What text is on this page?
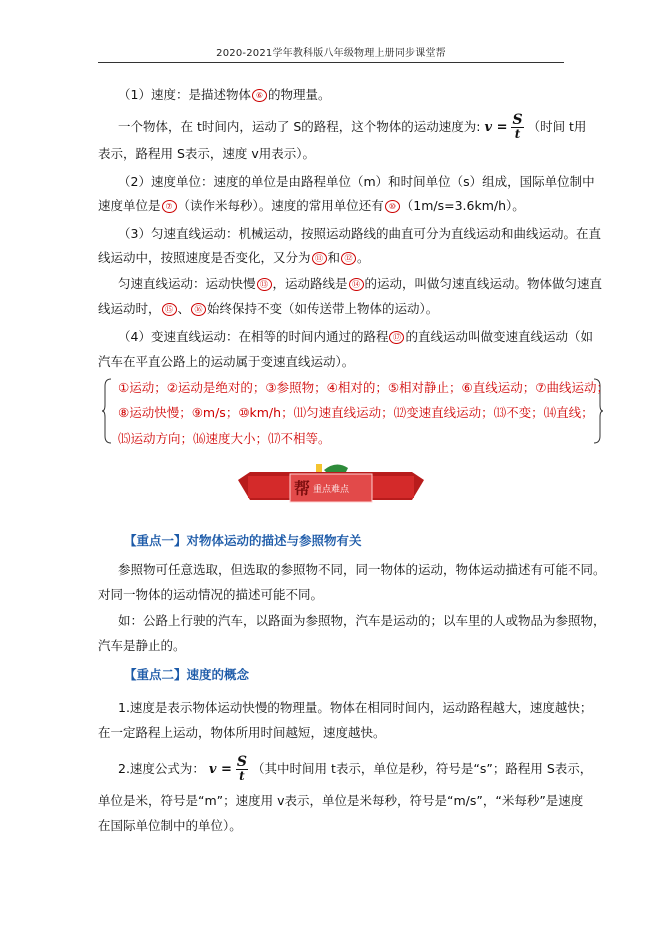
2020-2021学年教科版八年级物理上册同步课堂帮
（1）速度：是描述物体 ⑥ 的物理量。
一个物体，在 t时间内，运动了 S的路程，这个物体的运动速度为: $v = \frac{S}{t}$ （时间 t用
表示，路程用 S表示，速度 v用表示）。
（2）速度单位：速度的单位是由路程单位（m）和时间单位（s）组成，国际单位制中
速度单位是 ⑦ （读作米每秒）。速度的常用单位还有 ⑩ （1m/s=3.6km/h）。
（3）匀速直线运动：机械运动，按照运动路线的曲直可分为直线运动和曲线运动。在直
线运动中，按照速度是否变化，又分为 ⑪ 和 ⑫ 。
匀速直线运动：运动快慢 ⑬ ，运动路线是 ⑭ 的运动，叫做匀速直线运动。物体做匀速直
线运动时， ⑮ 、 ⑯ 始终保持不变（如传送带上物体的运动）。
（4）变速直线运动：在相等的时间内通过的路程 ⑰ 的直线运动叫做变速直线运动（如
汽车在平直公路上的运动属于变速直线运动）。
①运动；②运动是绝对的；③参照物；④相对的；⑤相对静止；⑥直线运动；⑦曲线运动；
⑧运动快慢；⑨m/s；⑩km/h；⑾匀速直线运动；⑿变速直线运动；⒀不变；⒁直线；
⒂运动方向；⒃速度大小；⒄不相等。
帮 重点难点
【重点一】对物体运动的描述与参照物有关
参照物可任意选取，但选取的参照物不同，同一物体的运动，物体运动描述有可能不同。
对同一物体的运动情况的描述可能不同。
如：公路上行驶的汽车，以路面为参照物，汽车是运动的；以车里的人或物品为参照物，
汽车是静止的。
【重点二】速度的概念
1.速度是表示物体运动快慢的物理量。物体在相同时间内，运动路程越大，速度越快；
在一定路程上运动，物体所用时间越短，速度越快。
2.速度公式为： $v = \frac{S}{t}$ （其中时间用 t表示，单位是秒，符号是“s”；路程用 S表示，
单位是米，符号是“m”；速度用 v表示，单位是米每秒，符号是“m/s”，“米每秒”是速度
在国际单位制中的单位）。
